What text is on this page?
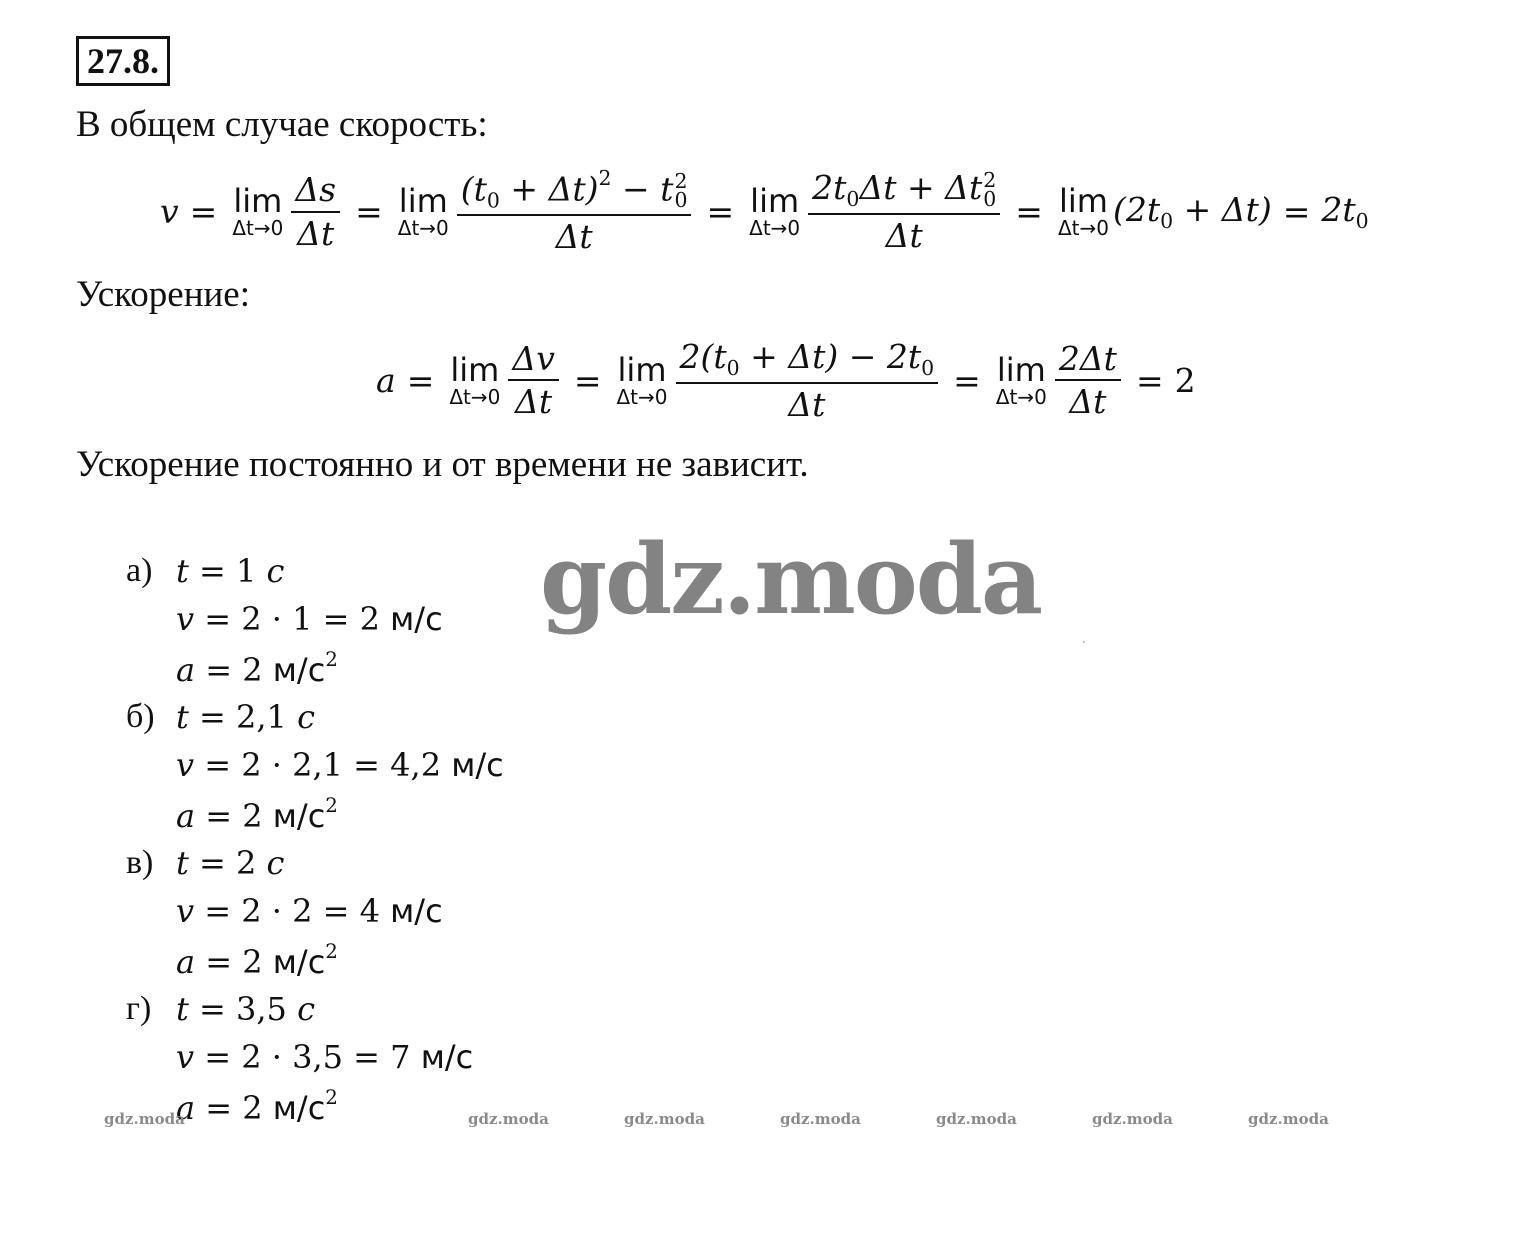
27.8.
В общем случае скорость:
v = lim
$\Delta t\to 0 \frac{\Delta s}{\Delta t} = \lim$
Δt→0 $(t_0 + \Delta t)^2 - t$ 2
0
Δt = lim
Δt→0 $2t_0\Delta t + \Delta t$ 2
0
Δt = lim
Δt→0 $(2t_0 + \Delta t) = 2t_0$
Ускорение:
a = lim
$\Delta t\to 0 \frac{\Delta v}{\Delta t} = \lim$
$\Delta t\to 0 \frac{2(t_0 + \Delta t) - 2t_0}{\Delta t} = \lim$
$\Delta t\to 0 \frac{2\Delta t}{\Delta t} = 2$
Ускорение постоянно и от времени не зависит.
а) t = 1 с
v = 2 · 1 = 2 м/с
a = 2 $м/с^2$
б) t = 2,1 с
v = 2 · 2,1 = 4,2 м/с
a = 2 $м/с^2$
в) t = 2 с
v = 2 · 2 = 4 м/с
a = 2 $м/с^2$
г) t = 3,5 с
v = 2 · 3,5 = 7 м/с
a = 2 $м/с^2$
gdz.moda
'
gdz.moda	gdz.moda	gdz.moda	gdz.moda	gdz.moda	gdz.moda	gdz.moda
